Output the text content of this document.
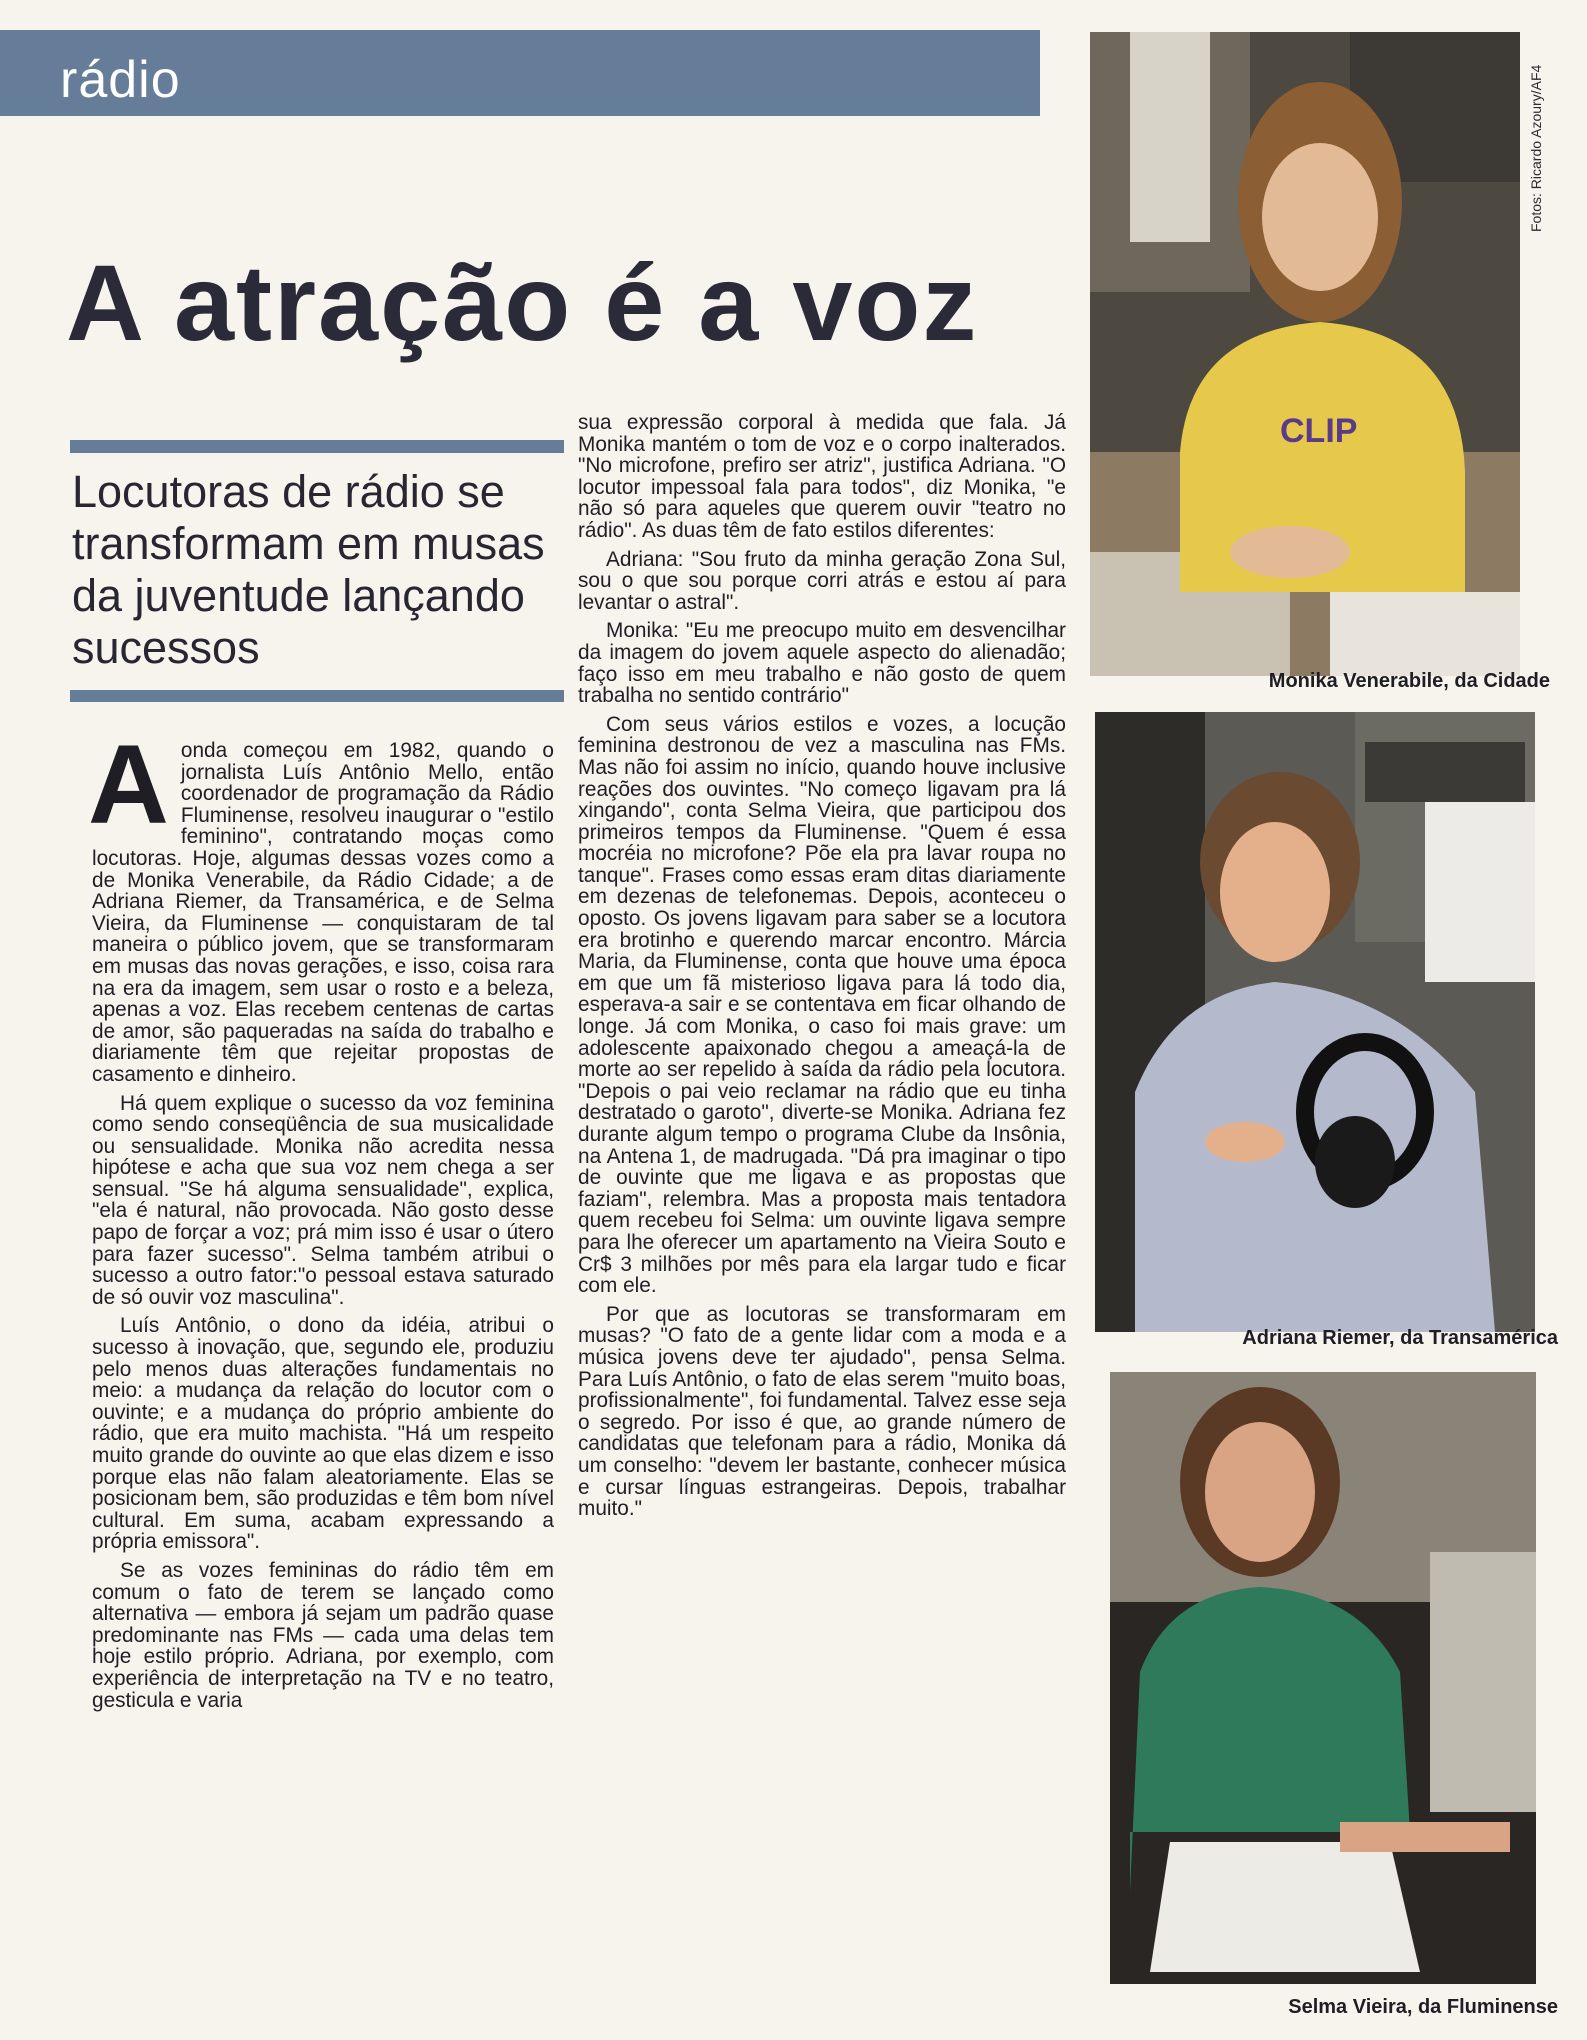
rádio
A atração é a voz
Locutoras de rádio se transformam em musas da juventude lançando sucessos

Aonda começou em 1982, quando o jornalista Luís Antônio Mello, então coordenador de programação da Rádio Fluminense, resolveu inaugurar o "estilo feminino", contratando moças como locutoras. Hoje, algumas dessas vozes como a de Monika Venerabile, da Rádio Cidade; a de Adriana Riemer, da Transamérica, e de Selma Vieira, da Fluminense — conquistaram de tal maneira o público jovem, que se transformaram em musas das novas gerações, e isso, coisa rara na era da imagem, sem usar o rosto e a beleza, apenas a voz. Elas recebem centenas de cartas de amor, são paqueradas na saída do trabalho e diariamente têm que rejeitar propostas de casamento e dinheiro.

Há quem explique o sucesso da voz feminina como sendo conseqüência de sua musicalidade ou sensualidade. Monika não acredita nessa hipótese e acha que sua voz nem chega a ser sensual. "Se há alguma sensualidade", explica, "ela é natural, não provocada. Não gosto desse papo de forçar a voz; prá mim isso é usar o útero para fazer sucesso". Selma também atribui o sucesso a outro fator:"o pessoal estava saturado de só ouvir voz masculina".

Luís Antônio, o dono da idéia, atribui o sucesso à inovação, que, segundo ele, produziu pelo menos duas alterações fundamentais no meio: a mudança da relação do locutor com o ouvinte; e a mudança do próprio ambiente do rádio, que era muito machista. "Há um respeito muito grande do ouvinte ao que elas dizem e isso porque elas não falam aleatoriamente. Elas se posicionam bem, são produzidas e têm bom nível cultural. Em suma, acabam expressando a própria emissora".

Se as vozes femininas do rádio têm em comum o fato de terem se lançado como alternativa — embora já sejam um padrão quase predominante nas FMs — cada uma delas tem hoje estilo próprio. Adriana, por exemplo, com experiência de interpretação na TV e no teatro, gesticula e varia

sua expressão corporal à medida que fala. Já Monika mantém o tom de voz e o corpo inalterados. "No microfone, prefiro ser atriz", justifica Adriana. "O locutor impessoal fala para todos", diz Monika, "e não só para aqueles que querem ouvir "teatro no rádio". As duas têm de fato estilos diferentes:

Adriana: "Sou fruto da minha geração Zona Sul, sou o que sou porque corri atrás e estou aí para levantar o astral".

Monika: "Eu me preocupo muito em desvencilhar da imagem do jovem aquele aspecto do alienadão; faço isso em meu trabalho e não gosto de quem trabalha no sentido contrário"

Com seus vários estilos e vozes, a locução feminina destronou de vez a masculina nas FMs. Mas não foi assim no início, quando houve inclusive reações dos ouvintes. "No começo ligavam pra lá xingando", conta Selma Vieira, que participou dos primeiros tempos da Fluminense. "Quem é essa mocréia no microfone? Põe ela pra lavar roupa no tanque". Frases como essas eram ditas diariamente em dezenas de telefonemas. Depois, aconteceu o oposto. Os jovens ligavam para saber se a locutora era brotinho e querendo marcar encontro. Márcia Maria, da Fluminense, conta que houve uma época em que um fã misterioso ligava para lá todo dia, esperava-a sair e se contentava em ficar olhando de longe. Já com Monika, o caso foi mais grave: um adolescente apaixonado chegou a ameaçá-la de morte ao ser repelido à saída da rádio pela locutora. "Depois o pai veio reclamar na rádio que eu tinha destratado o garoto", diverte-se Monika. Adriana fez durante algum tempo o programa Clube da Insônia, na Antena 1, de madrugada. "Dá pra imaginar o tipo de ouvinte que me ligava e as propostas que faziam", relembra. Mas a proposta mais tentadora quem recebeu foi Selma: um ouvinte ligava sempre para lhe oferecer um apartamento na Vieira Souto e Cr$ 3 milhões por mês para ela largar tudo e ficar com ele.

Por que as locutoras se transformaram em musas? "O fato de a gente lidar com a moda e a música jovens deve ter ajudado", pensa Selma. Para Luís Antônio, o fato de elas serem "muito boas, profissionalmente", foi fundamental. Talvez esse seja o segredo. Por isso é que, ao grande número de candidatas que telefonam para a rádio, Monika dá um conselho: "devem ler bastante, conhecer música e cursar línguas estrangeiras. Depois, trabalhar muito."

Fotos: Ricardo Azoury/AF4
CLIP
Monika Venerabile, da Cidade
Adriana Riemer, da Transamérica
Selma Vieira, da Fluminense
